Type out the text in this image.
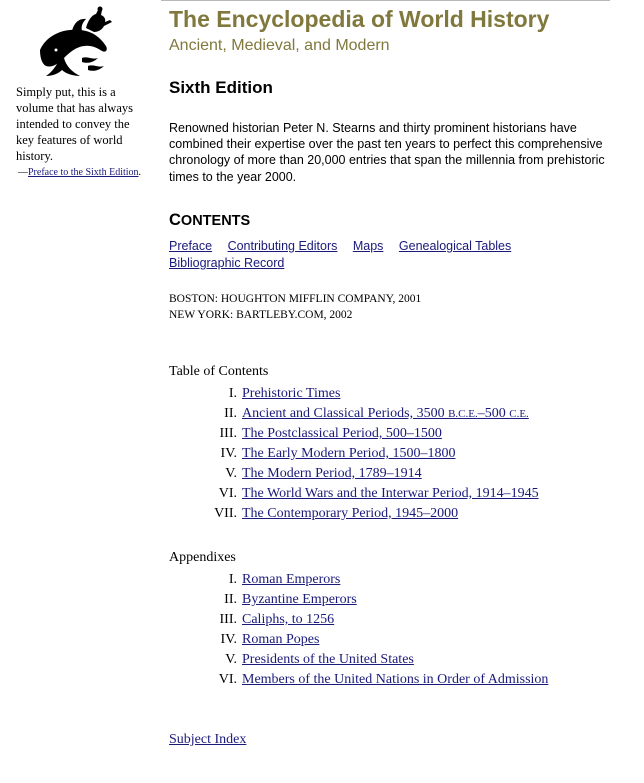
Simply put, this is a volume that has always intended to convey the key features of world history.
—Preface to the Sixth Edition.
The Encyclopedia of World History
Ancient, Medieval, and Modern
Sixth Edition
Renowned historian Peter N. Stearns and thirty prominent historians have combined their expertise over the past ten years to perfect this comprehensive chronology of more than 20,000 entries that span the millennia from prehistoric times to the year 2000.
CONTENTS
Preface Contributing Editors Maps Genealogical Tables
Bibliographic Record
BOSTON: HOUGHTON MIFFLIN COMPANY, 2001
NEW YORK: BARTLEBY.COM, 2002
Table of Contents
I. Prehistoric Times
II. Ancient and Classical Periods, 3500 B.C.E.–500 C.E.
III. The Postclassical Period, 500–1500
IV. The Early Modern Period, 1500–1800
V. The Modern Period, 1789–1914
VI. The World Wars and the Interwar Period, 1914–1945
VII. The Contemporary Period, 1945–2000
Appendixes
I. Roman Emperors
II. Byzantine Emperors
III. Caliphs, to 1256
IV. Roman Popes
V. Presidents of the United States
VI. Members of the United Nations in Order of Admission
Subject Index
